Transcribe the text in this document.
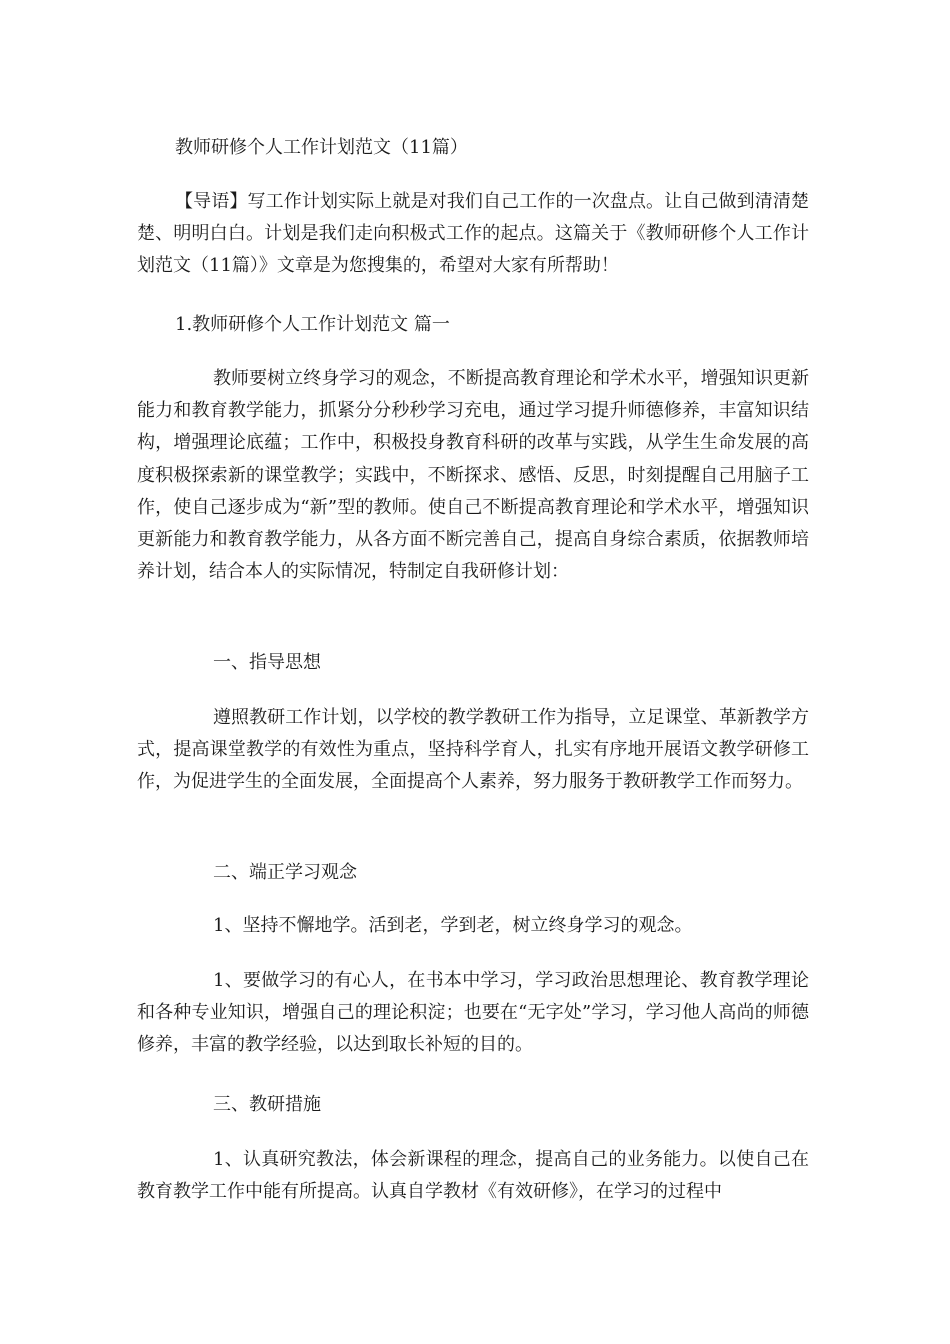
教师研修个人工作计划范文（11篇）

【导语】写工作计划实际上就是对我们自己工作的一次盘点。让自己做到清清楚楚、明明白白。计划是我们走向积极式工作的起点。这篇关于《教师研修个人工作计划范文（11篇）》文章是为您搜集的，希望对大家有所帮助！

1.教师研修个人工作计划范文 篇一

教师要树立终身学习的观念，不断提高教育理论和学术水平，增强知识更新能力和教育教学能力，抓紧分分秒秒学习充电，通过学习提升师德修养，丰富知识结构，增强理论底蕴；工作中，积极投身教育科研的改革与实践，从学生生命发展的高度积极探索新的课堂教学；实践中，不断探求、感悟、反思，时刻提醒自己用脑子工作，使自己逐步成为“新”型的教师。使自己不断提高教育理论和学术水平，增强知识更新能力和教育教学能力，从各方面不断完善自己，提高自身综合素质，依据教师培养计划，结合本人的实际情况，特制定自我研修计划：

一、指导思想

遵照教研工作计划，以学校的教学教研工作为指导，立足课堂、革新教学方式，提高课堂教学的有效性为重点，坚持科学育人，扎实有序地开展语文教学研修工作，为促进学生的全面发展，全面提高个人素养，努力服务于教研教学工作而努力。

二、端正学习观念

1、坚持不懈地学。活到老，学到老，树立终身学习的观念。

1、要做学习的有心人，在书本中学习，学习政治思想理论、教育教学理论和各种专业知识，增强自己的理论积淀；也要在“无字处”学习，学习他人高尚的师德修养，丰富的教学经验，以达到取长补短的目的。

三、教研措施

1、认真研究教法，体会新课程的理念，提高自己的业务能力。以使自己在教育教学工作中能有所提高。认真自学教材《有效研修》，在学习的过程中
